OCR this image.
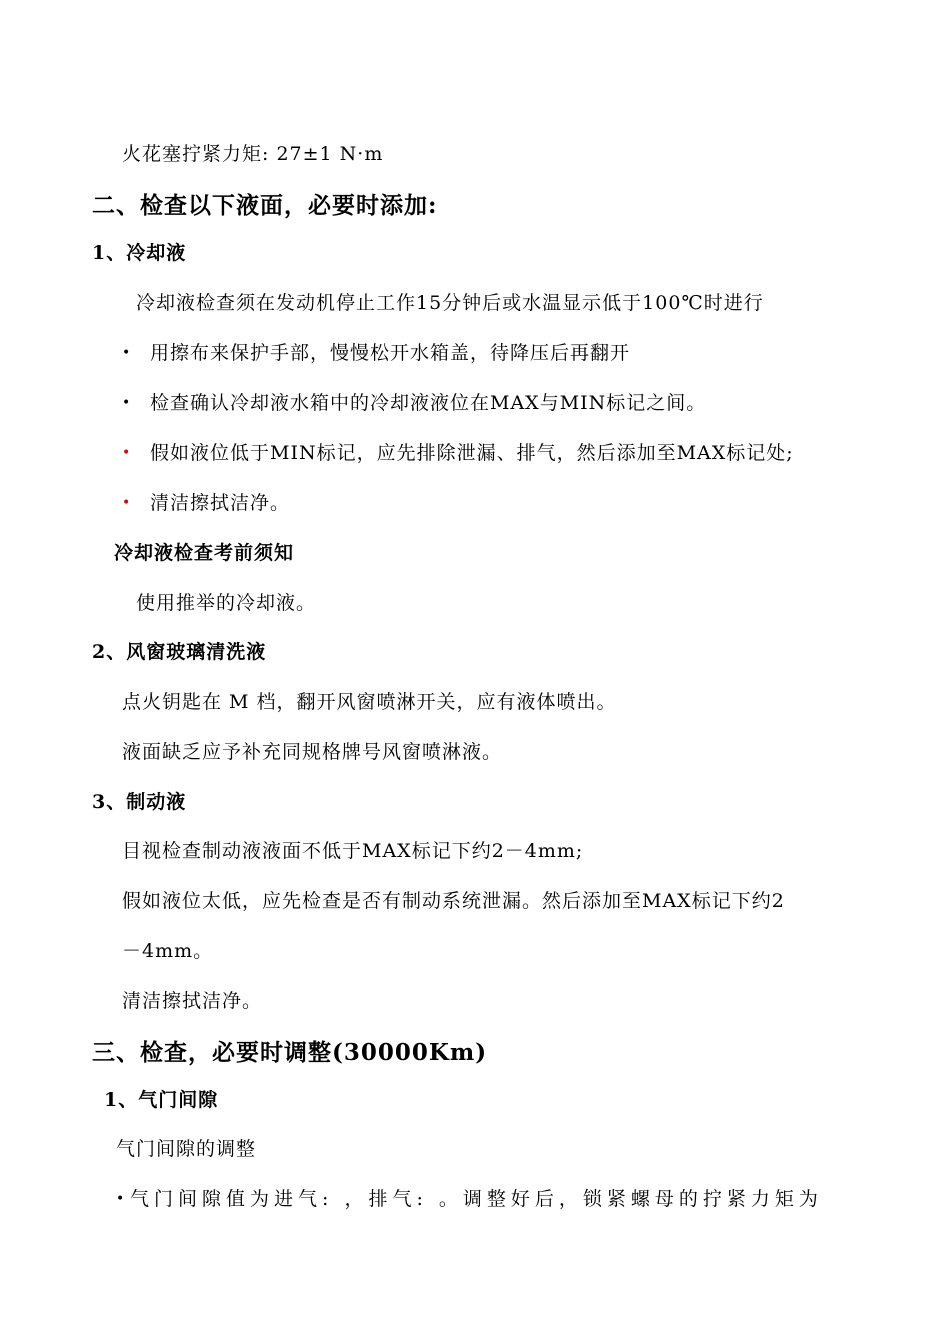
火花塞拧紧力矩: 27±1 N·m
二、检查以下液面，必要时添加:
1、冷却液
冷却液检查须在发动机停止工作15分钟后或水温显示低于100℃时进行
• 用擦布来保护手部，慢慢松开水箱盖，待降压后再翻开
• 检查确认冷却液水箱中的冷却液液位在MAX与MIN标记之间。
• 假如液位低于MIN标记，应先排除泄漏、排气，然后添加至MAX标记处;
• 清洁擦拭洁净。
冷却液检查考前须知
使用推举的冷却液。
2、风窗玻璃清洗液
点火钥匙在 M 档，翻开风窗喷淋开关，应有液体喷出。
液面缺乏应予补充同规格牌号风窗喷淋液。
3、制动液
目视检查制动液液面不低于MAX标记下约2－4mm;
假如液位太低，应先检查是否有制动系统泄漏。然后添加至MAX标记下约2
－4mm。
清洁擦拭洁净。
三、检查，必要时调整(30000Km)
1、气门间隙
气门间隙的调整
• 气门间隙值为进气: ，排气: 。调整好后，锁紧螺母的拧紧力矩为
